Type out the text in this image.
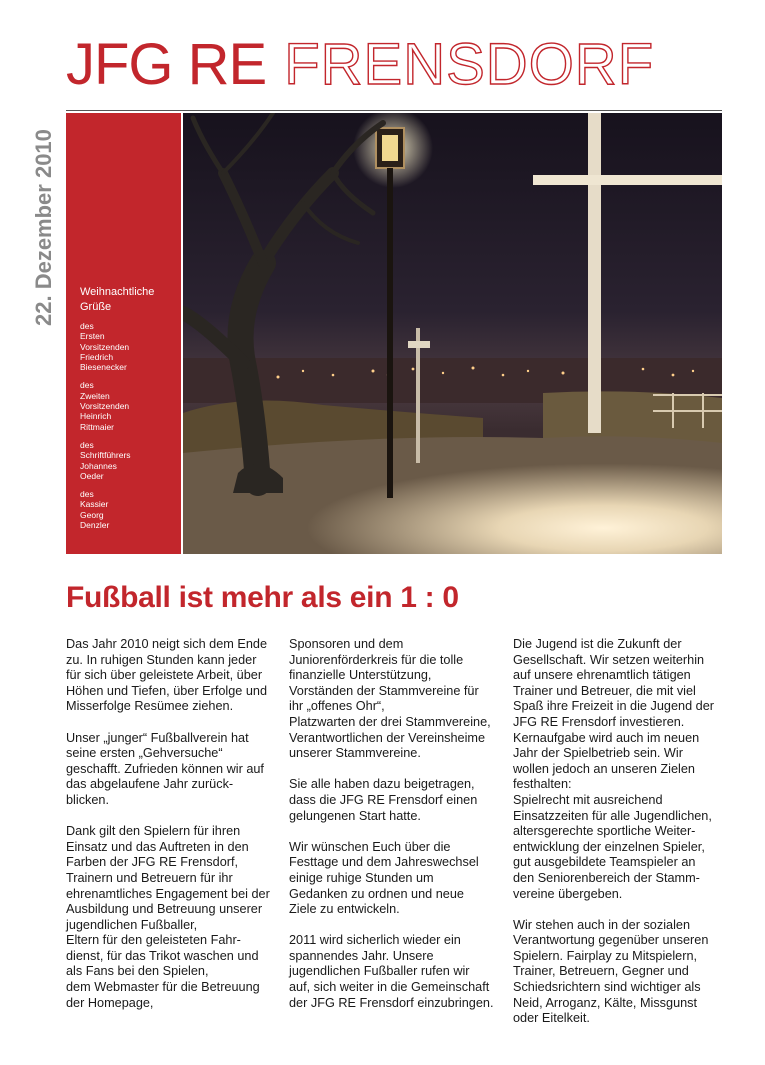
JFG RE FRENSDORF
22. Dezember 2010	Weihnachtliche
Grüße
des
Ersten
Vorsitzenden
Friedrich
Biesenecker
des
Zweiten
Vorsitzenden
Heinrich
Rittmaier
des
Schriftführers
Johannes
Oeder
des
Kassier
Georg
Denzler
Fußball ist mehr als ein 1 : 0

Das Jahr 2010 neigt sich dem Ende
zu. In ruhigen Stunden kann jeder
für sich über geleistete Arbeit, über
Höhen und Tiefen, über Erfolge und
Misserfolge Resümee ziehen.

Unser „junger“ Fußballverein hat
seine ersten „Gehversuche“
geschafft. Zufrieden können wir auf
das abgelaufene Jahr zurück-
blicken.

Dank gilt den Spielern für ihren
Einsatz und das Auftreten in den
Farben der JFG RE Frensdorf,
Trainern und Betreuern für ihr
ehrenamtliches Engagement bei der
Ausbildung und Betreuung unserer
jugendlichen Fußballer,
Eltern für den geleisteten Fahr-
dienst, für das Trikot waschen und
als Fans bei den Spielen,
dem Webmaster für die Betreuung
der Homepage,

Sponsoren und dem
Juniorenförderkreis für die tolle
finanzielle Unterstützung,
Vorständen der Stammvereine für
ihr „offenes Ohr“,
Platzwarten der drei Stammvereine,
Verantwortlichen der Vereinsheime
unserer Stammvereine.

Sie alle haben dazu beigetragen,
dass die JFG RE Frensdorf einen
gelungenen Start hatte.

Wir wünschen Euch über die
Festtage und dem Jahreswechsel
einige ruhige Stunden um
Gedanken zu ordnen und neue
Ziele zu entwickeln.

2011 wird sicherlich wieder ein
spannendes Jahr. Unsere
jugendlichen Fußballer rufen wir
auf, sich weiter in die Gemeinschaft
der JFG RE Frensdorf einzubringen.

Die Jugend ist die Zukunft der
Gesellschaft. Wir setzen weiterhin
auf unsere ehrenamtlich tätigen
Trainer und Betreuer, die mit viel
Spaß ihre Freizeit in die Jugend der
JFG RE Frensdorf investieren.
Kernaufgabe wird auch im neuen
Jahr der Spielbetrieb sein. Wir
wollen jedoch an unseren Zielen
festhalten:
Spielrecht mit ausreichend
Einsatzzeiten für alle Jugendlichen,
altersgerechte sportliche Weiter-
entwicklung der einzelnen Spieler,
gut ausgebildete Teamspieler an
den Seniorenbereich der Stamm-
vereine übergeben.

Wir stehen auch in der sozialen
Verantwortung gegenüber unseren
Spielern. Fairplay zu Mitspielern,
Trainer, Betreuern, Gegner und
Schiedsrichtern sind wichtiger als
Neid, Arroganz, Kälte, Missgunst
oder Eitelkeit.
